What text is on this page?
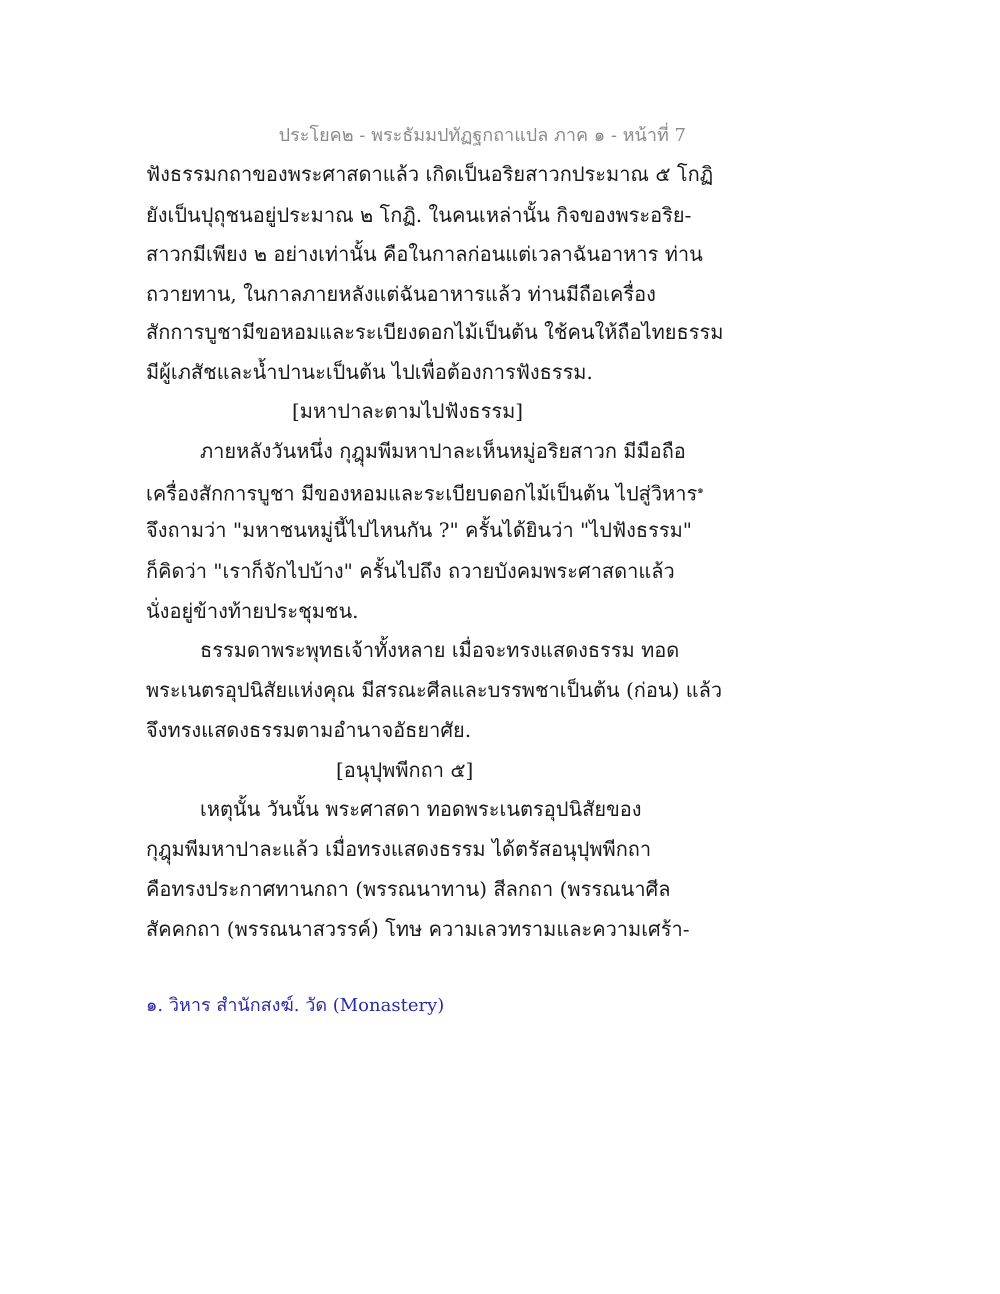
ประโยค๒ - พระธัมมปทัฏฐกถาแปล ภาค ๑ - หน้าที่ 7
ฟังธรรมกถาของพระศาสดาแล้ว เกิดเป็นอริยสาวกประมาณ ๕ โกฏิ
ยังเป็นปุถุชนอยู่ประมาณ ๒ โกฏิ. ในคนเหล่านั้น กิจของพระอริย-
สาวกมีเพียง ๒ อย่างเท่านั้น คือในกาลก่อนแต่เวลาฉันอาหาร ท่าน
ถวายทาน, ในกาลภายหลังแต่ฉันอาหารแล้ว ท่านมีถือเครื่อง
สักการบูชามีขอหอมและระเบียงดอกไม้เป็นต้น ใช้คนให้ถือไทยธรรม
มีผู้เภสัชและน้ำปานะเป็นต้น ไปเพื่อต้องการฟังธรรม.
[มหาปาละตามไปฟังธรรม]
ภายหลังวันหนึ่ง กุฎุมพีมหาปาละเห็นหมู่อริยสาวก มีมือถือ
เครื่องสักการบูชา มีของหอมและระเบียบดอกไม้เป็นต้น ไปสู่วิหาร$^๑$
จึงถามว่า "มหาชนหมู่นี้ไปไหนกัน ?" ครั้นได้ยินว่า "ไปฟังธรรม"
ก็คิดว่า "เราก็จักไปบ้าง" ครั้นไปถึง ถวายบังคมพระศาสดาแล้ว
นั่งอยู่ข้างท้ายประชุมชน.
ธรรมดาพระพุทธเจ้าทั้งหลาย เมื่อจะทรงแสดงธรรม ทอด
พระเนตรอุปนิสัยแห่งคุณ มีสรณะศีลและบรรพชาเป็นต้น (ก่อน) แล้ว
จึงทรงแสดงธรรมตามอำนาจอัธยาศัย.
[อนุปุพพีกถา ๕]
เหตุนั้น วันนั้น พระศาสดา ทอดพระเนตรอุปนิสัยของ
กุฎุมพีมหาปาละแล้ว เมื่อทรงแสดงธรรม ได้ตรัสอนุปุพพีกถา
คือทรงประกาศทานกถา (พรรณนาทาน) สีลกถา (พรรณนาศีล
สัคคกถา (พรรณนาสวรรค์) โทษ ความเลวทรามและความเศร้า-
๑. วิหาร สำนักสงฆ์. วัด (Monastery)
